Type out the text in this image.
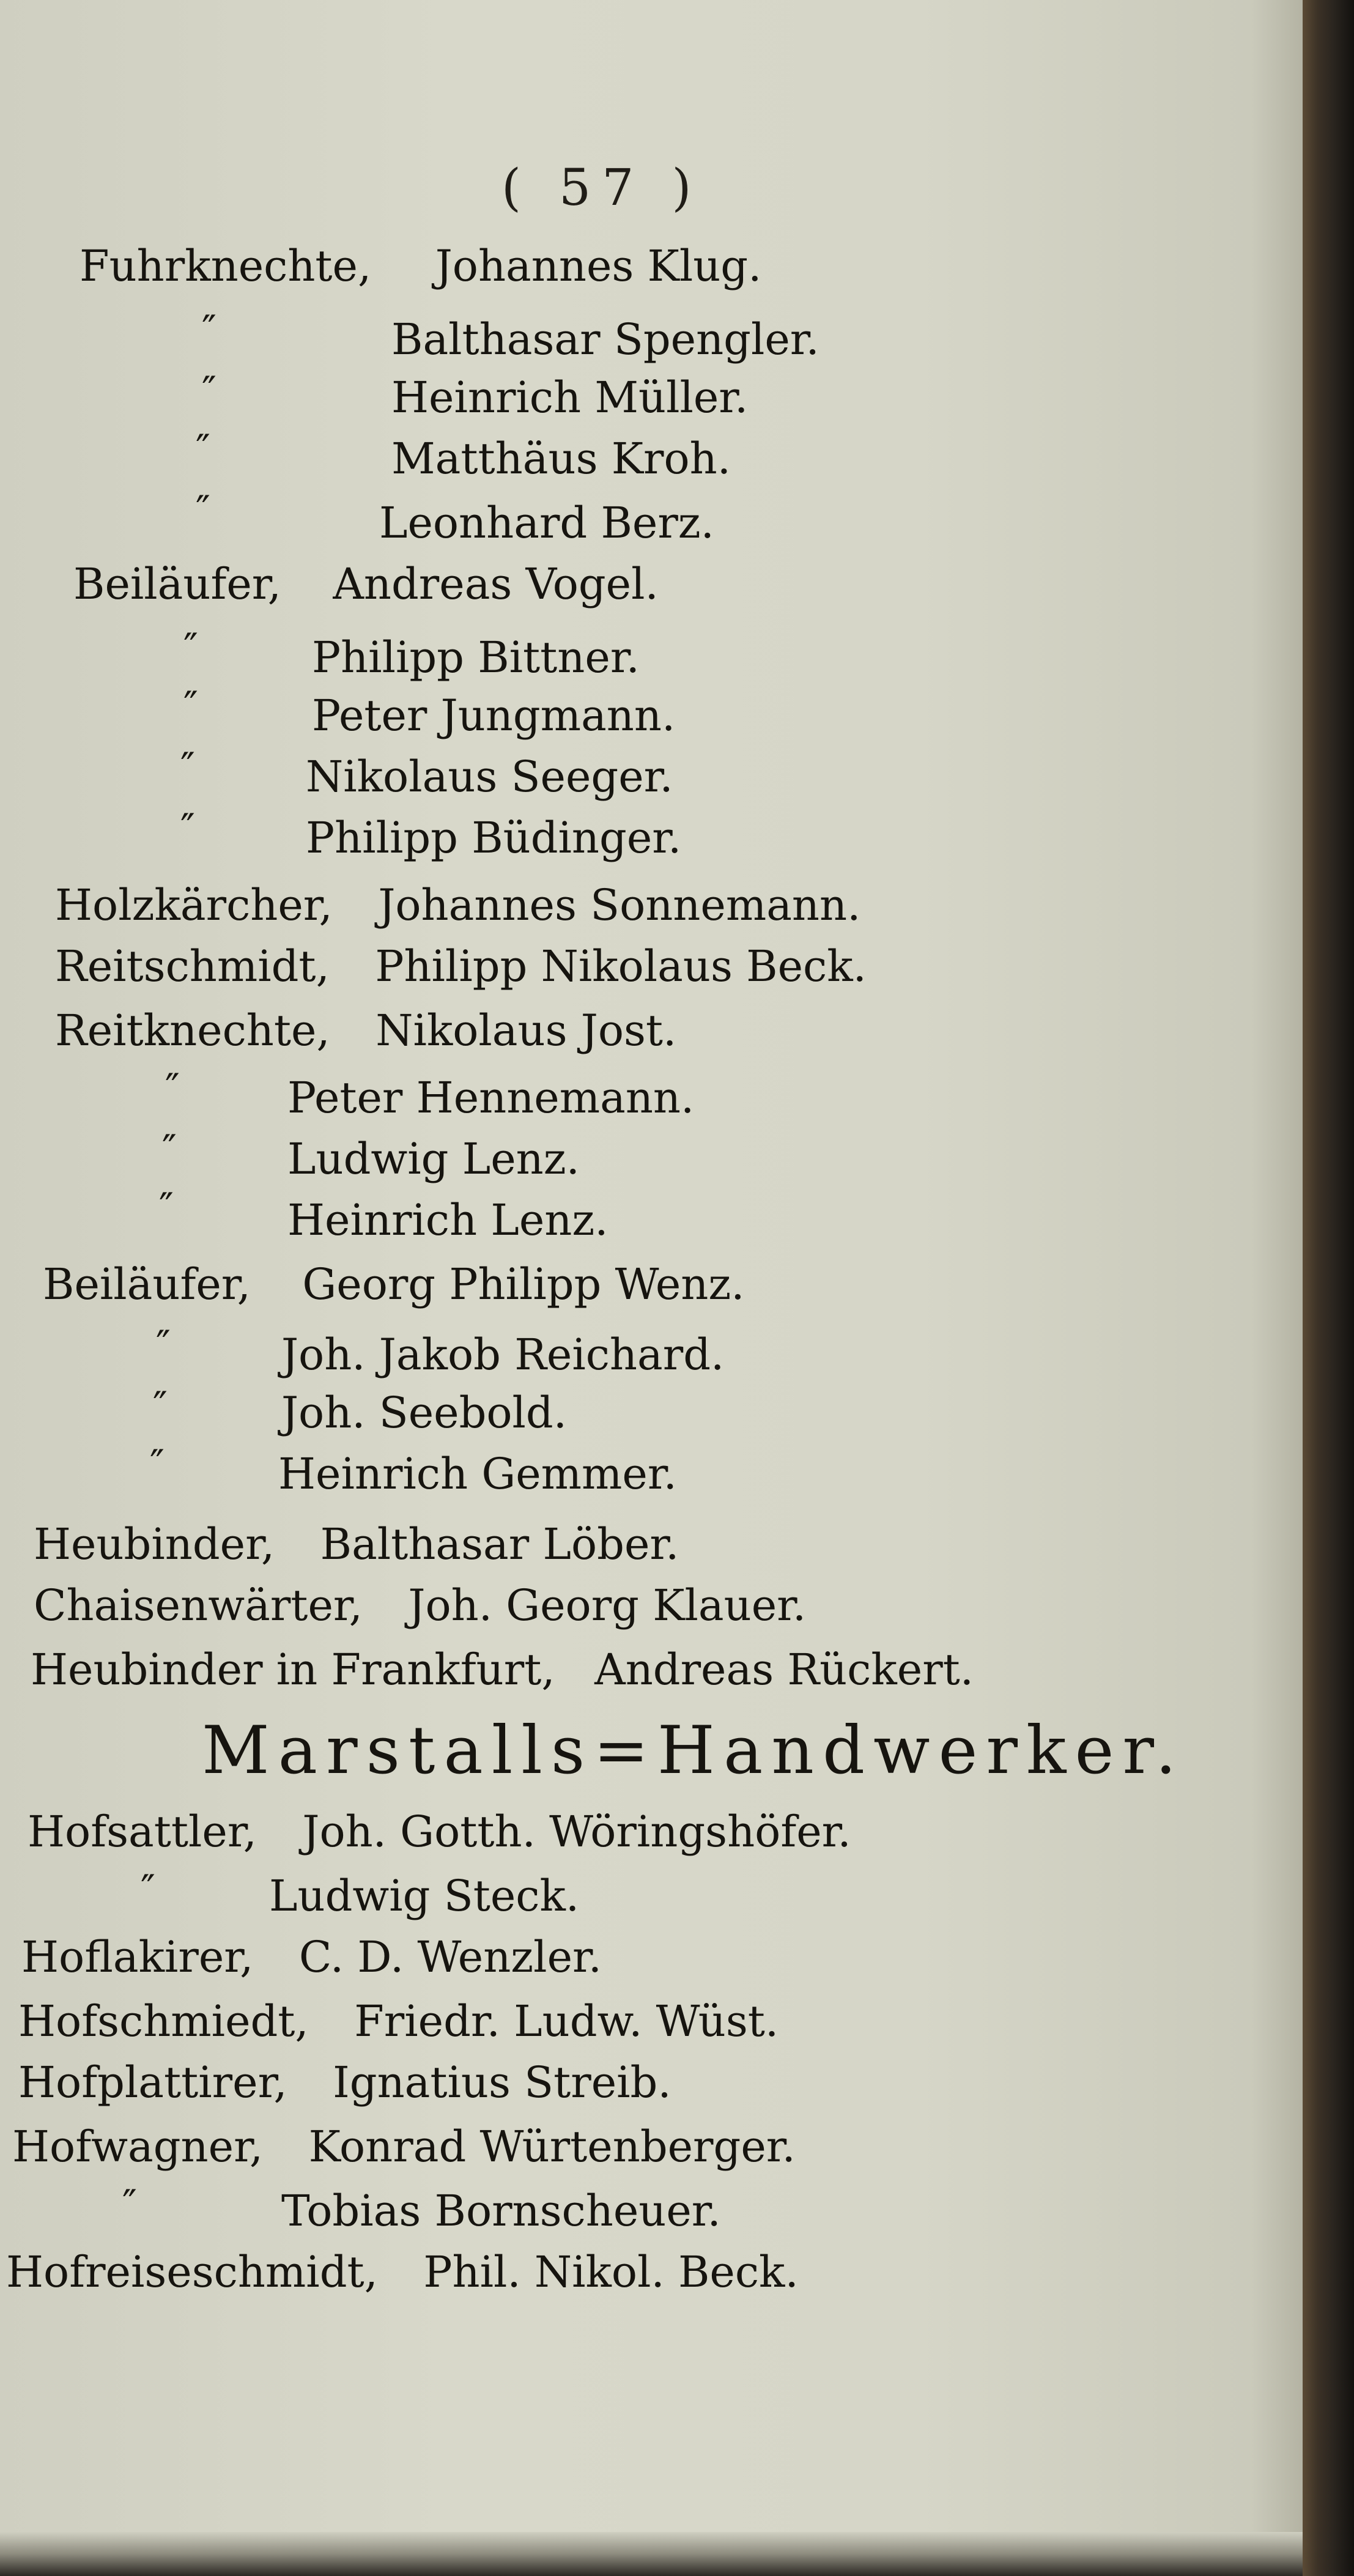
( 57 )
Fuhrknechte, Johannes Klug.
″	Balthasar Spengler.
″	Heinrich Müller.
″	Matthäus Kroh.
″	Leonhard Berz.
Beiläufer, Andreas Vogel.
″	Philipp Bittner.
″	Peter Jungmann.
″	Nikolaus Seeger.
″	Philipp Büdinger.
Holzkärcher, Johannes Sonnemann.
Reitschmidt, Philipp Nikolaus Beck.
Reitknechte, Nikolaus Jost.
″	Peter Hennemann.
″	Ludwig Lenz.
″	Heinrich Lenz.
Beiläufer, Georg Philipp Wenz.
″	Joh. Jakob Reichard.
″	Joh. Seebold.
″	Heinrich Gemmer.
Heubinder, Balthasar Löber.
Chaisenwärter, Joh. Georg Klauer.
Heubinder in Frankfurt, Andreas Rückert.
Marstalls=Handwerker.
Hofsattler, Joh. Gotth. Wöringshöfer.
″	Ludwig Steck.
Hoflakirer, C. D. Wenzler.
Hofschmiedt, Friedr. Ludw. Wüst.
Hofplattirer, Ignatius Streib.
Hofwagner, Konrad Würtenberger.
″	Tobias Bornscheuer.
Hofreiseschmidt, Phil. Nikol. Beck.
